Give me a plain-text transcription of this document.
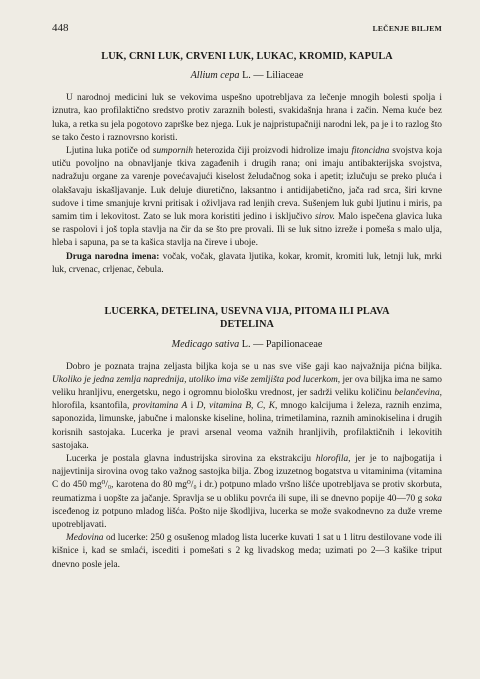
448	LEČENJE BILJEM
LUK, CRNI LUK, CRVENI LUK, LUKAC, KROMID, KAPULA
Allium cepa L. — Liliaceae

U narodnoj medicini luk se vekovima uspešno upotrebljava za lečenje mnogih bolesti spolja i iznutra, kao profilaktično sredstvo protiv zaraznih bolesti, svakidašnja hrana i začin. Nema kuće bez luka, a retka su jela pogotovo zaprške bez njega. Luk je najpristupačniji narodni lek, pa je i to razlog što se tako često i raznovrsno koristi.

Ljutina luka potiče od sumpornih heterozida čiji proizvodi hidrolize imaju fitoncidna svojstva koja utiču povoljno na obnavljanje tkiva zagađenih i drugih rana; oni imaju antibakterijska svojstva, nadražuju organe za varenje povećavajući kiselost želudačnog soka i apetit; izlučuju se preko pluća i olakšavaju iskašljavanje. Luk deluje diuretično, laksantno i antidijabetično, jača rad srca, širi krvne sudove i time smanjuje krvni pritisak i oživljava rad lenjih creva. Sušenjem luk gubi ljutinu i miris, pa samim tim i lekovitost. Zato se luk mora koristiti jedino i isključivo sirov. Malo ispečena glavica luka se raspolovi i još topla stavlja na čir da se što pre provali. Ili se luk sitno izreže i pomeša s malo ulja, hleba i sapuna, pa se ta kašica stavlja na čireve i uboje.

Druga narodna imena: vočak, vočak, glavata ljutika, kokar, kromit, kromiti luk, letnji luk, mrki luk, crvenac, crljenac, čebula.

LUCERKA, DETELINA, USEVNA VIJA, PITOMA ILI PLAVA
DETELINA
Medicago sativa L. — Papilionaceae

Dobro je poznata trajna zeljasta biljka koja se u nas sve više gaji kao najvažnija pićna biljka. Ukoliko je jedna zemlja naprednija, utoliko ima više zemljišta pod lucerkom, jer ova biljka ima ne samo veliku hranljivu, energetsku, nego i ogromnu biološku vrednost, jer sadrži veliku količinu belančevina, hlorofila, ksantofila, provitamina A i D, vitamina B, C, K, mnogo kalcijuma i železa, raznih enzima, saponozida, limunske, jabučne i malonske kiseline, holina, trimetilamina, raznih aminokiselina i drugih korisnih sastojaka. Lucerka je pravi arsenal veoma važnih hranljivih, profilaktičnih i lekovitih sastojaka.

Lucerka je postala glavna industrijska sirovina za ekstrakciju hlorofila, jer je to najbogatija i najjevtinija sirovina ovog tako važnog sastojka bilja. Zbog izuzetnog bogatstva u vitaminima (vitamina C do 450 mg⁰/₀, karotena do 80 mg⁰/₀ i dr.) potpuno mlado vršno lišće upotrebljava se protiv skorbuta, reumatizma i uopšte za jačanje. Spravlja se u obliku povrća ili supe, ili se dnevno popije 40—70 g soka iscеđenog iz potpuno mladog lišća. Pošto nije škodljiva, lucerka se može svakodnevno za duže vreme upotrebljavati.

Medovina od lucerke: 250 g osušenog mladog lista lucerke kuvati 1 sat u 1 litru destilovane vode ili kišnice i, kad se smlaći, iscediti i pomešati s 2 kg livadskog meda; uzimati po 2—3 kašike triput dnevno posle jela.
